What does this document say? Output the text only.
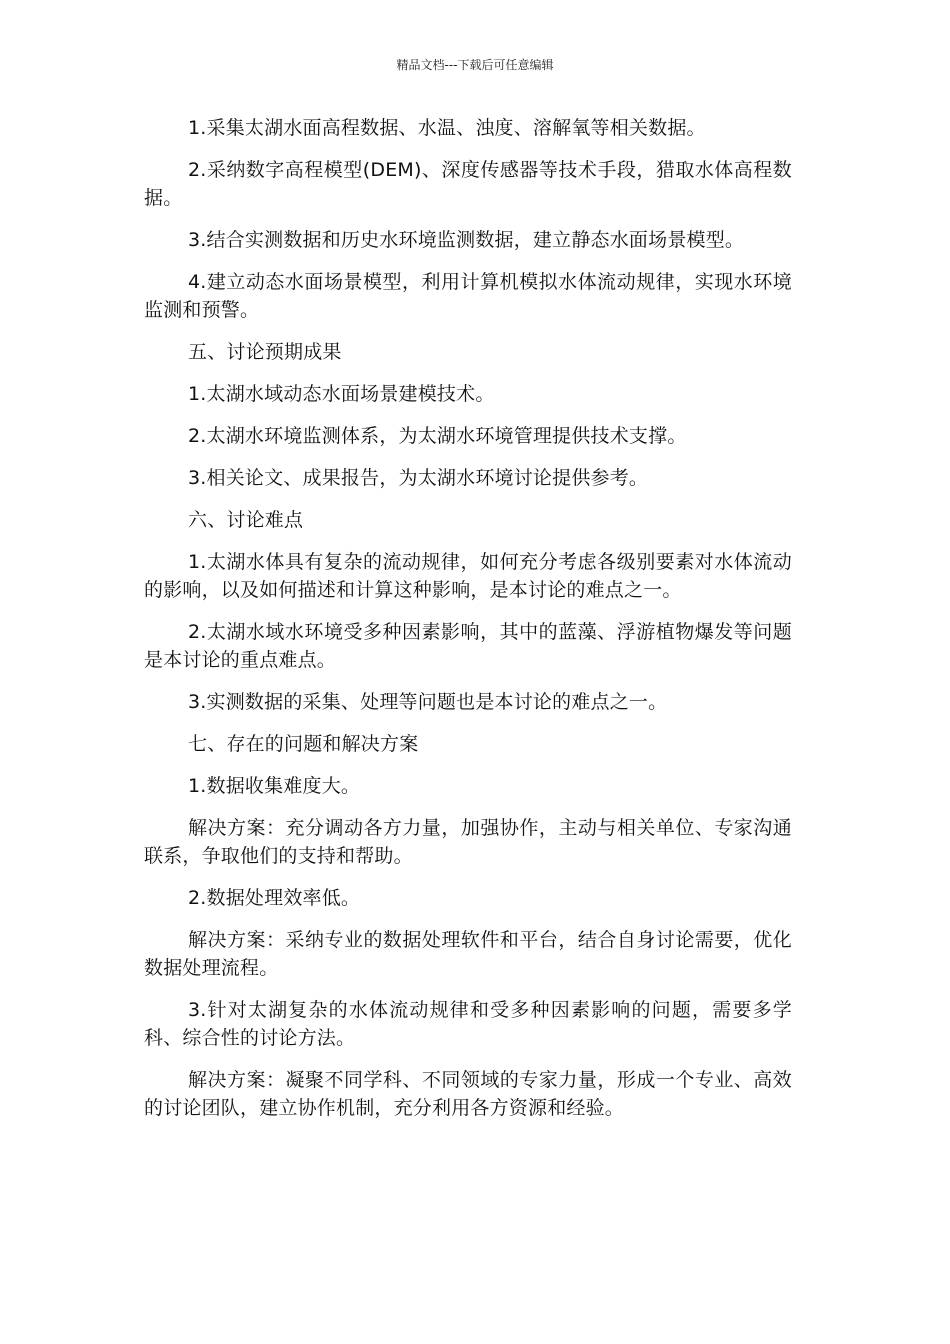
精品文档---下载后可任意编辑

1.采集太湖水面高程数据、水温、浊度、溶解氧等相关数据。

2.采纳数字高程模型(DEM)、深度传感器等技术手段，猎取水体高程数据。

3.结合实测数据和历史水环境监测数据，建立静态水面场景模型。

4.建立动态水面场景模型，利用计算机模拟水体流动规律，实现水环境监测和预警。

五、讨论预期成果

1.太湖水域动态水面场景建模技术。

2.太湖水环境监测体系，为太湖水环境管理提供技术支撑。

3.相关论文、成果报告，为太湖水环境讨论提供参考。

六、讨论难点

1.太湖水体具有复杂的流动规律，如何充分考虑各级别要素对水体流动的影响，以及如何描述和计算这种影响，是本讨论的难点之一。

2.太湖水域水环境受多种因素影响，其中的蓝藻、浮游植物爆发等问题是本讨论的重点难点。

3.实测数据的采集、处理等问题也是本讨论的难点之一。

七、存在的问题和解决方案

1.数据收集难度大。

解决方案：充分调动各方力量，加强协作，主动与相关单位、专家沟通联系，争取他们的支持和帮助。

2.数据处理效率低。

解决方案：采纳专业的数据处理软件和平台，结合自身讨论需要，优化数据处理流程。

3.针对太湖复杂的水体流动规律和受多种因素影响的问题，需要多学科、综合性的讨论方法。

解决方案：凝聚不同学科、不同领域的专家力量，形成一个专业、高效的讨论团队，建立协作机制，充分利用各方资源和经验。
